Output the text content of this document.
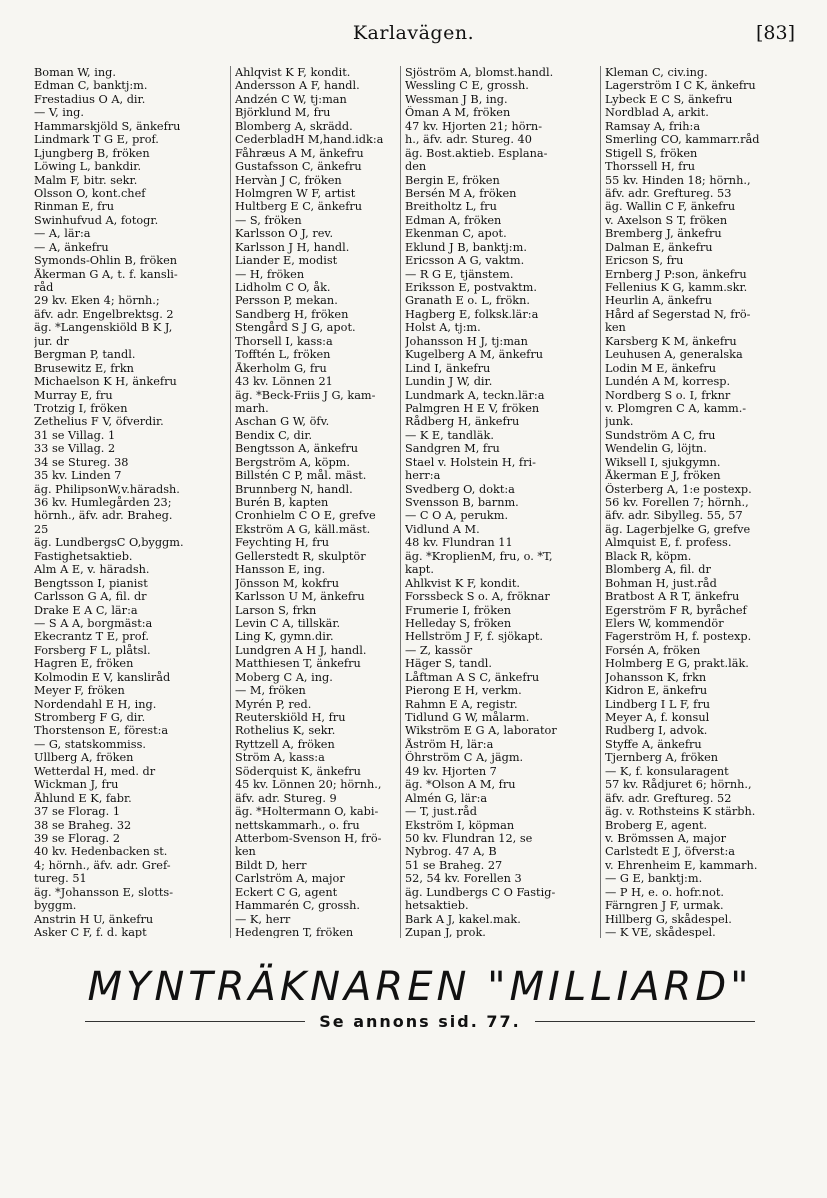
Karlavägen.	[83]
Boman W, ing.
Edman C, banktj:m.
Frestadius O A, dir.
— V, ing.
Hammarskjöld S, änkefru
Lindmark T G E, prof.
Ljungberg B, fröken
Löwing L, bankdir.
Malm F, bitr. sekr.
Olsson O, kont.chef
Rinman E, fru
Swinhufvud A, fotogr.
— A, lär:a
— A, änkefru
Symonds-Ohlin B, fröken
Åkerman G A, t. f. kansli-
råd
29 kv. Eken 4; hörnh.;
äfv. adr. Engelbrektsg. 2
äg. *Langenskiöld B K J,
jur. dr
Bergman P, tandl.
Brusewitz E, frkn
Michaelson K H, änkefru
Murray E, fru
Trotzig I, fröken
Zethelius F V, öfverdir.
31 se Villag. 1
33 se Villag. 2
34 se Stureg. 38
35 kv. Linden 7
äg. PhilipsonW,v.häradsh.
36 kv. Humlegården 23;
hörnh., äfv. adr. Braheg.
25
äg. LundbergsC O,byggm.
Fastighetsaktieb.
Alm A E, v. häradsh.
Bengtsson I, pianist
Carlsson G A, fil. dr
Drake E A C, lär:a
— S A A, borgmäst:a
Ekecrantz T E, prof.
Forsberg F L, plåtsl.
Hagren E, fröken
Kolmodin E V, kanslіråd
Meyer F, fröken
Nordendahl E H, ing.
Stromberg F G, dir.
Thorstenson E, förest:a
— G, statskommiss.
Ullberg A, fröken
Wetterdal H, med. dr
Wickman J, fru
Åhlund E K, fabr.
37 se Florag. 1
38 se Braheg. 32
39 se Florag. 2
40 kv. Hedenbacken st.
4; hörnh., äfv. adr. Gref-
tureg. 51
äg. *Johansson E, slotts-
byggm.
Anstrin H U, änkefru
Asker C F, f. d. kapt
Ahlqvist K F, kondit.
Andersson A F, handl.
Andzén C W, tj:man
Björklund M, fru
Blomberg A, skrädd.
CederbladH M,hand.idk:a
Fåhræus A M, änkefru
Gustafsson C, änkefru
Hervàn J C, fröken
Holmgren W F, artist
Hultberg E C, änkefru
— S, fröken
Karlsson O J, rev.
Karlsson J H, handl.
Liander E, modist
— H, fröken
Lidholm C O, åk.
Persson P, mekan.
Sandberg H, fröken
Stengård S J G, apot.
Thorsell I, kass:a
Tofftén L, fröken
Åkerholm G, fru
43 kv. Lönnen 21
äg. *Beck-Friis J G, kam-
marh.
Aschan G W, öfv.
Bendix C, dir.
Bengtsson A, änkefru
Bergström A, köpm.
Billstén C P, mål. mäst.
Brunnberg N, handl.
Burén B, kapten
Cronhielm C O E, grefve
Ekström A G, käll.mäst.
Feychting H, fru
Gellerstedt R, skulptör
Hansson E, ing.
Jönsson M, kokfru
Karlsson U M, änkefru
Larson S, frkn
Levin C A, tillskär.
Ling K, gymn.dir.
Lundgren A H J, handl.
Matthiesen T, änkefru
Moberg C A, ing.
— M, fröken
Myrén P, red.
Reuterskiöld H, fru
Rothelius K, sekr.
Ryttzell A, fröken
Ström A, kass:a
Söderquist K, änkefru
45 kv. Lönnen 20; hörnh.,
äfv. adr. Stureg. 9
äg. *Holtermann O, kabi-
nettskammarh., o. fru
Atterbom-Svenson H, frö-
ken
Bildt D, herr
Carlström A, major
Eckert C G, agent
Hammarén C, grossh.
— K, herr
Hedengren T, fröken
Sjöström A, blomst.handl.
Wessling C E, grossh.
Wessman J B, ing.
Öman A M, fröken
47 kv. Hjorten 21; hörn-
h., äfv. adr. Stureg. 40
äg. Bost.aktieb. Esplana-
den
Bergin E, fröken
Bersén M A, fröken
Breitholtz L, fru
Edman A, fröken
Ekenman C, apot.
Eklund J B, banktj:m.
Ericsson A G, vaktm.
— R G E, tjänstem.
Eriksson E, postvaktm.
Granath E o. L, frökn.
Hagberg E, folksk.lär:a
Holst A, tj:m.
Johansson H J, tj:man
Kugelberg A M, änkefru
Lind I, änkefru
Lundin J W, dir.
Lundmark A, teckn.lär:a
Palmgren H E V, fröken
Rådberg H, änkefru
— K E, tandläk.
Sandgren M, fru
Stael v. Holstein H, fri-
herr:a
Svedberg O, dokt:a
Svensson B, barnm.
— C O A, perukm.
Vidlund A M.
48 kv. Flundran 11
äg. *KroplienM, fru, o. *T,
kapt.
Ahlkvist K F, kondit.
Forssbeck S o. A, fröknar
Frumerie I, fröken
Helleday S, fröken
Hellström J F, f. sjökapt.
— Z, kassör
Häger S, tandl.
Låftman A S C, änkefru
Pierong E H, verkm.
Rahmn E A, registr.
Tidlund G W, målarm.
Wikström E G A, laborator
Åström H, lär:a
Öhrström C A, jägm.
49 kv. Hjorten 7
äg. *Olson A M, fru
Almén G, lär:a
— T, just.råd
Ekström I, köpman
50 kv. Flundran 12, se
Nybrog. 47 A, B
51 se Braheg. 27
52, 54 kv. Forellen 3
äg. Lundbergs C O Fastig-
hetsaktieb.
Bark A J, kakel.mak.
Zupan J, prok.
Kleman C, civ.ing.
Lagerström I C K, änkefru
Lybeck E C S, änkefru
Nordblad A, arkit.
Ramsay A, frih:a
Smerling CO, kammarr.råd
Stigell S, fröken
Thorssell H, fru
55 kv. Hinden 18; hörnh.,
äfv. adr. Greftureg. 53
äg. Wallin C F, änkefru
v. Axelson S T, fröken
Bremberg J, änkefru
Dalman E, änkefru
Ericson S, fru
Ernberg J P:son, änkefru
Fellenius K G, kamm.skr.
Heurlin A, änkefru
Hård af Segerstad N, frö-
ken
Karsberg K M, änkefru
Leuhusen A, generalska
Lodin M E, änkefru
Lundén A M, korresp.
Nordberg S o. I, frknr
v. Plomgren C A, kamm.-
junk.
Sundström A C, fru
Wendelin G, löjtn.
Wiksell I, sjukgymn.
Åkerman E J, fröken
Österberg A, 1:e postexp.
56 kv. Forellen 7; hörnh.,
äfv. adr. Sibylleg. 55, 57
äg. Lagerbjelke G, grefve
Almquist E, f. profess.
Black R, köpm.
Blomberg A, fil. dr
Bohman H, just.råd
Bratbost A R T, änkefru
Egerström F R, byråchef
Elers W, kommendör
Fagerström H, f. postexp.
Forsén A, fröken
Holmberg E G, prakt.läk.
Johansson K, frkn
Kidron E, änkefru
Lindberg I L F, fru
Meyer A, f. konsul
Rudberg I, advok.
Styffe A, änkefru
Tjernberg A, fröken
— K, f. konsularagent
57 kv. Rådjuret 6; hörnh.,
äfv. adr. Greftureg. 52
äg. v. Rothsteins K stärbh.
Broberg E, agent.
v. Brömssen A, major
Carlstedt E J, öfverst:a
v. Ehrenheim E, kammarh.
— G E, banktj:m.
— P H, e. o. hofr.not.
Färngren J F, urmak.
Hillberg G, skådespel.
— K VE, skådespel.
MYNTRÄKNAREN "MILLIARD"
Se annons sid. 77.
